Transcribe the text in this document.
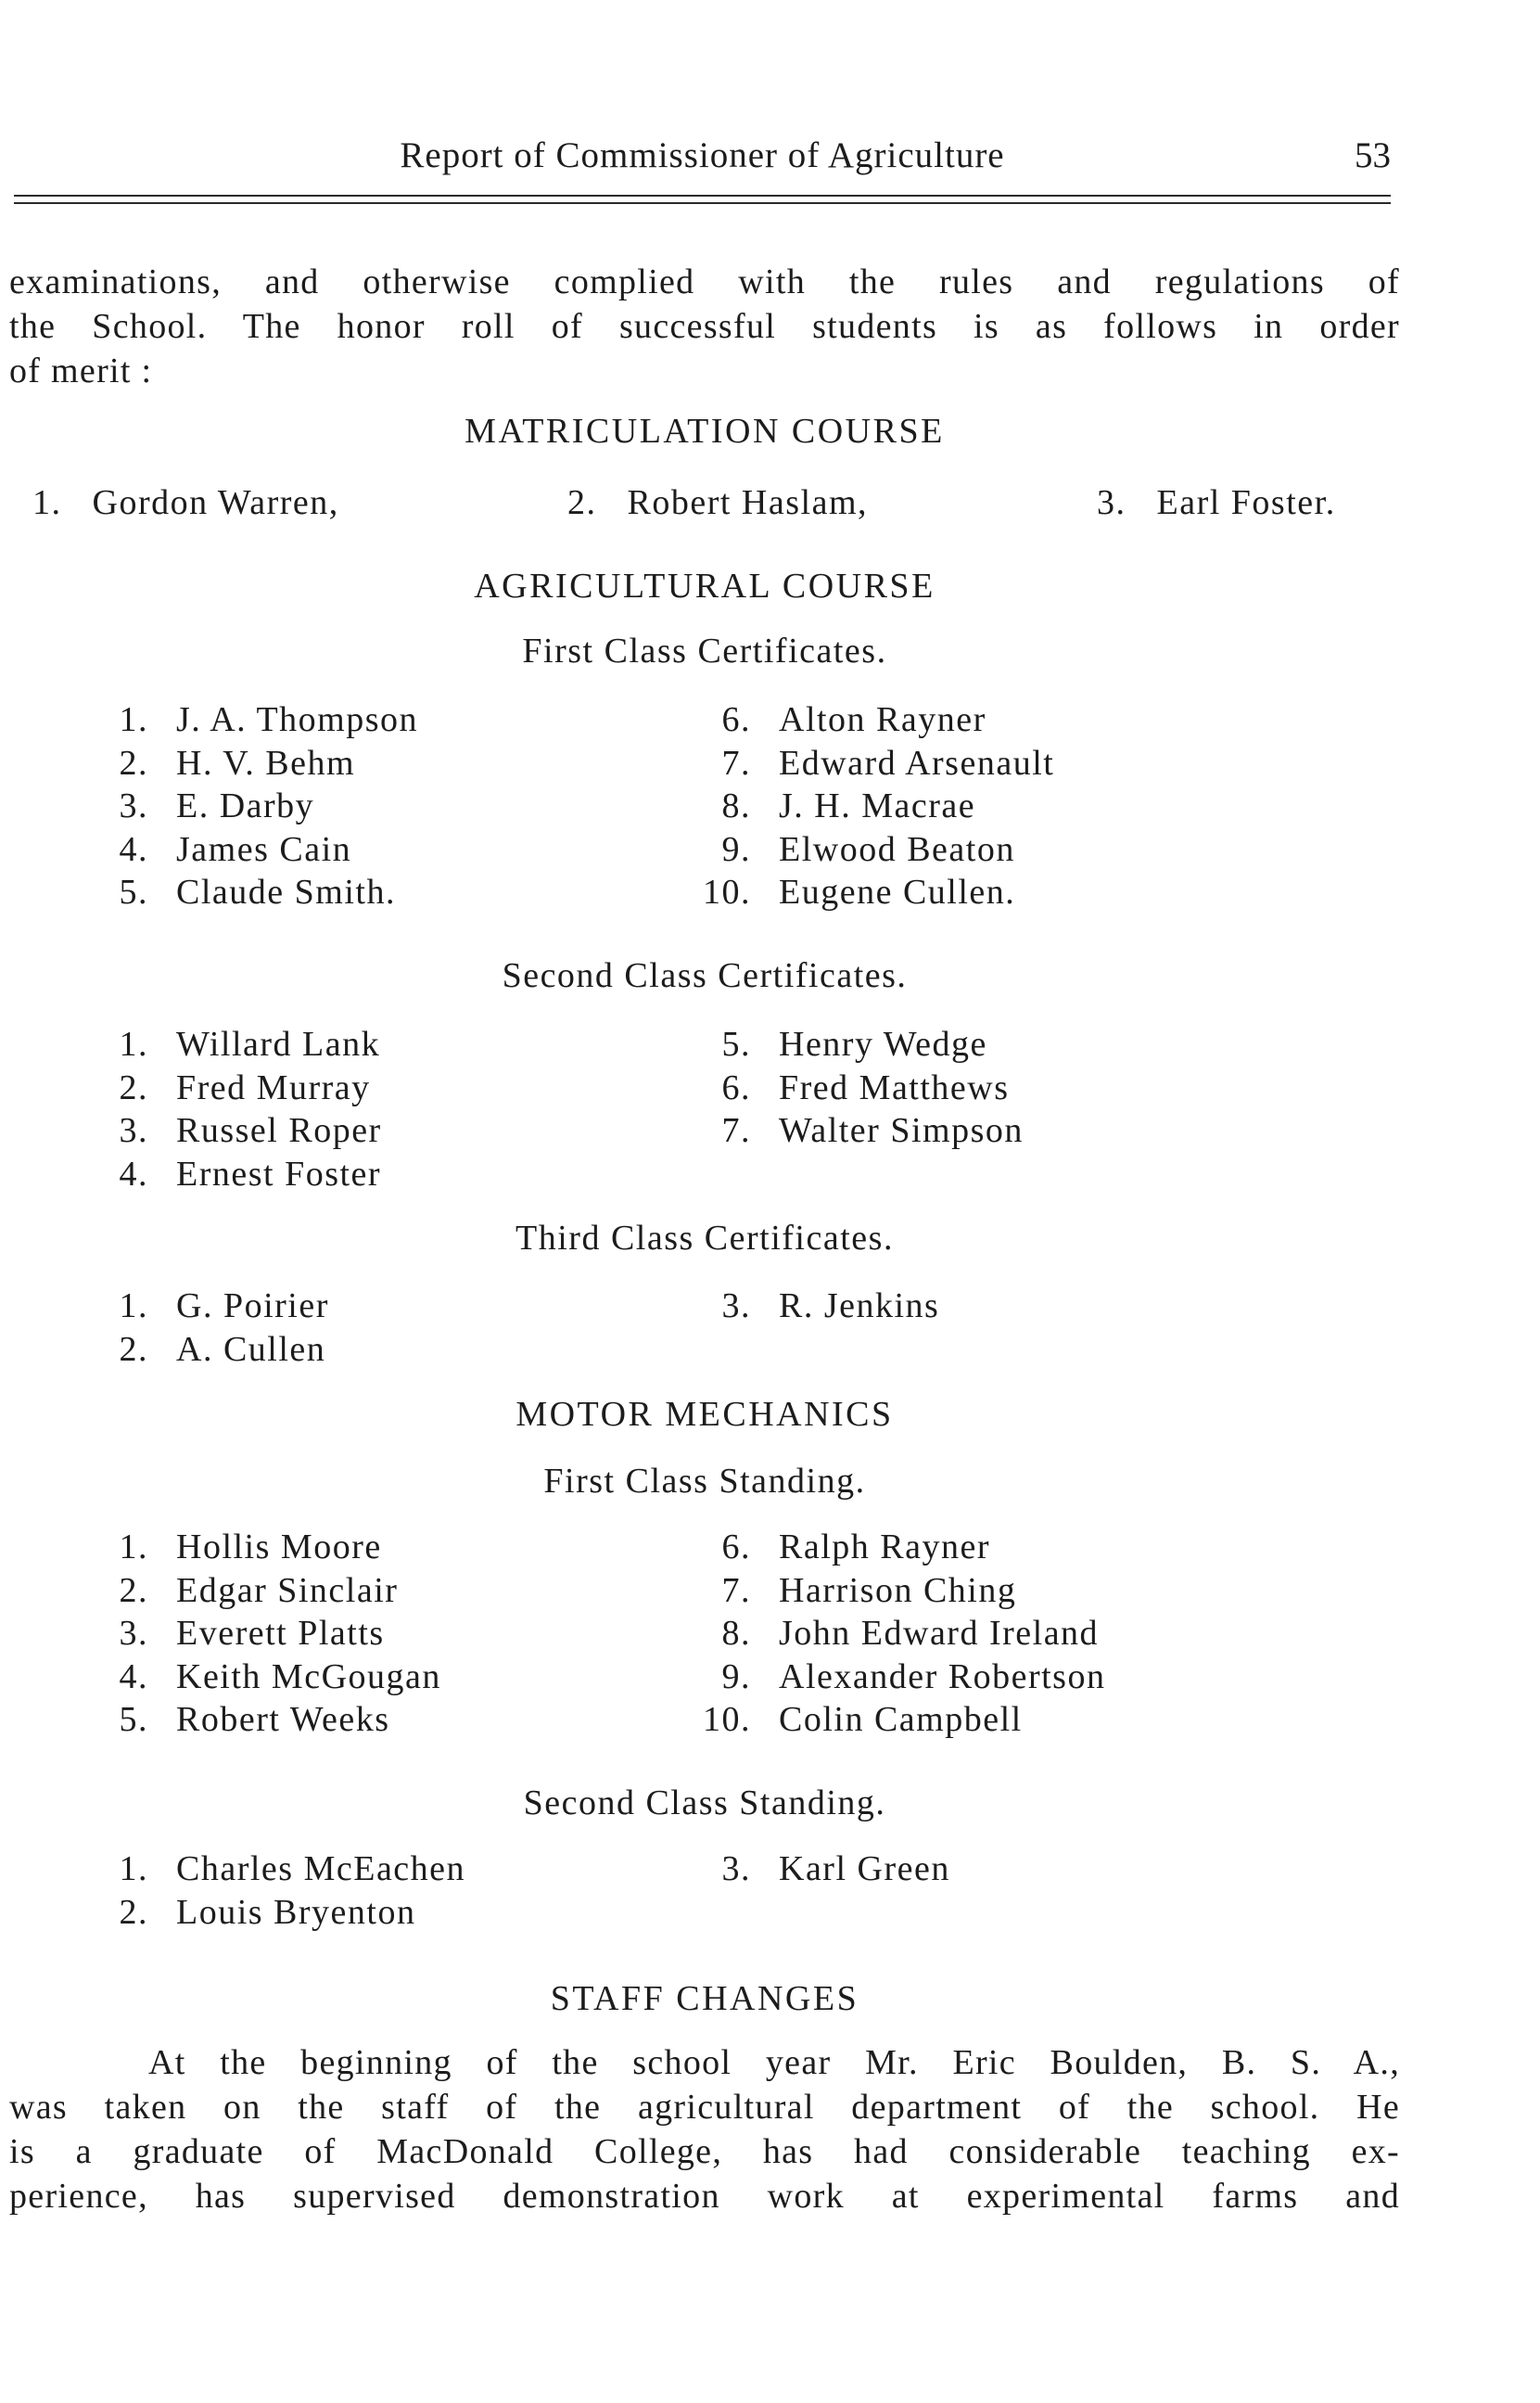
Report of Commissioner of Agriculture	53

examinations, and otherwise complied with the rules and regulations of
the School. The honor roll of successful students is as follows in order
of merit :

MATRICULATION COURSE
1. Gordon Warren,	2. Robert Haslam,	3. Earl Foster.
AGRICULTURAL COURSE
First Class Certificates.
1. J. A. Thompson
2. H. V. Behm
3. E. Darby
4. James Cain
5. Claude Smith.
6. Alton Rayner
7. Edward Arsenault
8. J. H. Macrae
9. Elwood Beaton
10. Eugene Cullen.
Second Class Certificates.
1. Willard Lank
2. Fred Murray
3. Russel Roper
4. Ernest Foster
5. Henry Wedge
6. Fred Matthews
7. Walter Simpson
Third Class Certificates.
1. G. Poirier
2. A. Cullen
3. R. Jenkins
MOTOR MECHANICS
First Class Standing.
1. Hollis Moore
2. Edgar Sinclair
3. Everett Platts
4. Keith McGougan
5. Robert Weeks
6. Ralph Rayner
7. Harrison Ching
8. John Edward Ireland
9. Alexander Robertson
10. Colin Campbell
Second Class Standing.
1. Charles McEachen
2. Louis Bryenton
3. Karl Green
STAFF CHANGES

At the beginning of the school year Mr. Eric Boulden, B. S. A.,
was taken on the staff of the agricultural department of the school. He
is a graduate of MacDonald College, has had considerable teaching ex-
perience, has supervised demonstration work at experimental farms and
